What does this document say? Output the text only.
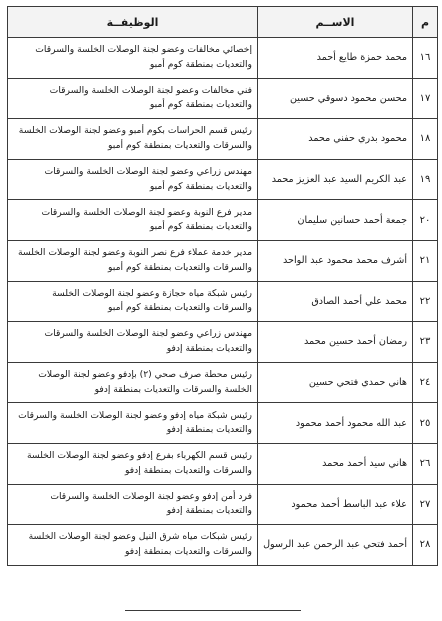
م	الاســم	الوظيفــة
١٦	محمد حمزة طايع أحمد	إخصائي مخالفات وعضو لجنة الوصلات الخلسة والسرقات والتعديات بمنطقة كوم أمبو
١٧	محسن محمود دسوقي حسين	فني مخالفات وعضو لجنة الوصلات الخلسة والسرقات والتعديات بمنطقة كوم أمبو
١٨	محمود بدري حفني محمد	رئيس قسم الحراسات بكوم أمبو وعضو لجنة الوصلات الخلسة والسرقات والتعديات بمنطقة كوم أمبو
١٩	عبد الكريم السيد عبد العزيز محمد	مهندس زراعي وعضو لجنة الوصلات الخلسة والسرقات والتعديات بمنطقة كوم أمبو
٢٠	جمعة أحمد حسانين سليمان	مدير فرع النوبة وعضو لجنة الوصلات الخلسة والسرقات والتعديات بمنطقة كوم أمبو
٢١	أشرف محمد محمود عبد الواحد	مدير خدمة عملاء فرع نصر النوبة وعضو لجنة الوصلات الخلسة والسرقات والتعديات بمنطقة كوم أمبو
٢٢	محمد علي أحمد الصادق	رئيس شبكة مياه حجازة وعضو لجنة الوصلات الخلسة والسرقات والتعديات بمنطقة كوم أمبو
٢٣	رمضان أحمد حسين محمد	مهندس زراعي وعضو لجنة الوصلات الخلسة والسرقات والتعديات بمنطقة إدفو
٢٤	هاني حمدي فتحي حسين	رئيس محطة صرف صحي (٢) بإدفو وعضو لجنة الوصلات الخلسة والسرقات والتعديات بمنطقة إدفو
٢٥	عبد الله محمود أحمد محمود	رئيس شبكة مياه إدفو وعضو لجنة الوصلات الخلسة والسرقات والتعديات بمنطقة إدفو
٢٦	هاني سيد أحمد محمد	رئيس قسم الكهرباء بفرع إدفو وعضو لجنة الوصلات الخلسة والسرقات والتعديات بمنطقة إدفو
٢٧	علاء عبد الباسط أحمد محمود	فرد أمن إدفو وعضو لجنة الوصلات الخلسة والسرقات والتعديات بمنطقة إدفو
٢٨	أحمد فتحي عبد الرحمن عبد الرسول	رئيس شبكات مياه شرق النيل وعضو لجنة الوصلات الخلسة والسرقات والتعديات بمنطقة إدفو
